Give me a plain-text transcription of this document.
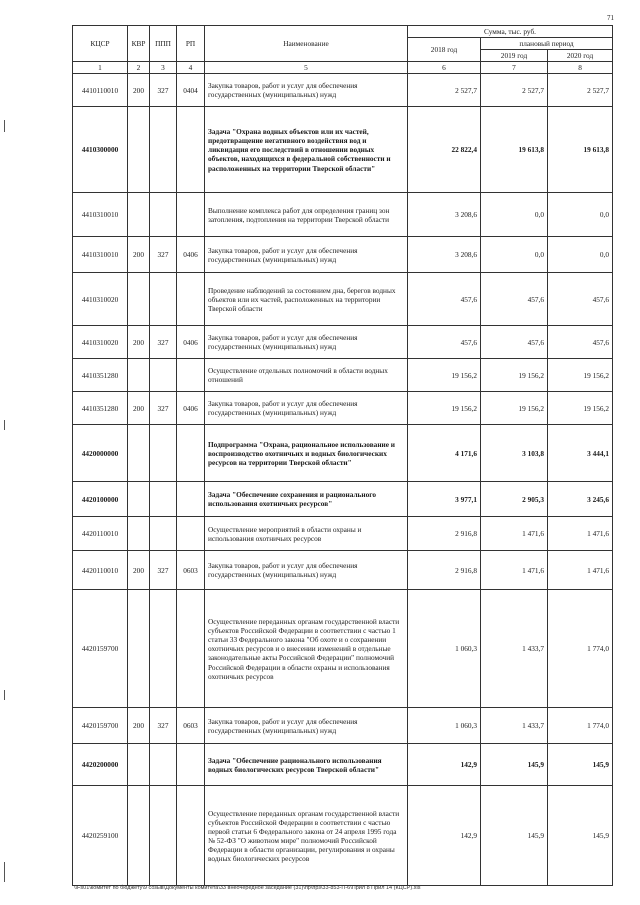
71
КЦСР	КВР	ППП	РП	Наименование	Сумма, тыс. руб.		
					2018 год	плановый период	
						2019 год	2020 год
1	2	3	4	5	6	7	8
4410110010	200	327	0404	Закупка товаров, работ и услуг для обеспечения государственных (муниципальных) нужд	2 527,7	2 527,7	2 527,7
4410300000				Задача "Охрана водных объектов или их частей, предотвращение негативного воздействия вод и ликвидация его последствий в отношении водных объектов, находящихся в федеральной собственности и расположенных на территории Тверской области"	22 822,4	19 613,8	19 613,8
4410310010				Выполнение комплекса работ для определения границ зон затопления, подтопления на территории Тверской области	3 208,6	0,0	0,0
4410310010	200	327	0406	Закупка товаров, работ и услуг для обеспечения государственных (муниципальных) нужд	3 208,6	0,0	0,0
4410310020				Проведение наблюдений за состоянием дна, берегов водных объектов или их частей, расположенных на территории Тверской области	457,6	457,6	457,6
4410310020	200	327	0406	Закупка товаров, работ и услуг для обеспечения государственных (муниципальных) нужд	457,6	457,6	457,6
4410351280				Осуществление отдельных полномочий в области водных отношений	19 156,2	19 156,2	19 156,2
4410351280	200	327	0406	Закупка товаров, работ и услуг для обеспечения государственных (муниципальных) нужд	19 156,2	19 156,2	19 156,2
4420000000				Подпрограмма "Охрана, рациональное использование и воспроизводство охотничьих и водных биологических ресурсов на территории Тверской области"	4 171,6	3 103,8	3 444,1
4420100000				Задача "Обеспечение сохранения и рационального использования охотничьих ресурсов"	3 977,1	2 905,3	3 245,6
4420110010				Осуществление мероприятий в области охраны и использования охотничьих ресурсов	2 916,8	1 471,6	1 471,6
4420110010	200	327	0603	Закупка товаров, работ и услуг для обеспечения государственных (муниципальных) нужд	2 916,8	1 471,6	1 471,6
4420159700				Осуществление переданных органам государственной власти субъектов Российской Федерации в соответствии с частью 1 статьи 33 Федерального закона "Об охоте и о сохранении охотничьих ресурсов и о внесении изменений в отдельные законодательные акты Российской Федерации" полномочий Российской Федерации в области охраны и использования охотничьих ресурсов	1 060,3	1 433,7	1 774,0
4420159700	200	327	0603	Закупка товаров, работ и услуг для обеспечения государственных (муниципальных) нужд	1 060,3	1 433,7	1 774,0
4420200000				Задача "Обеспечение рационального использования водных биологических ресурсов Тверской области"	142,9	145,9	145,9
4420259100				Осуществление переданных органам государственной власти субъектов Российской Федерации в соответствии с частью первой статьи 6 Федерального закона от 24 апреля 1995 года № 52-ФЗ "О животном мире" полномочий Российской Федерации в области организации, регулирования и охраны водных биологических ресурсов	142,9	145,9	145,9
\\Fs01\комитет по бюджету\9 созыв\Документы комитета\33 внеочередное заседание (31)\пр\прз\33-853-П-6\Прил 8 Прил 14 (КЦСР).xls
